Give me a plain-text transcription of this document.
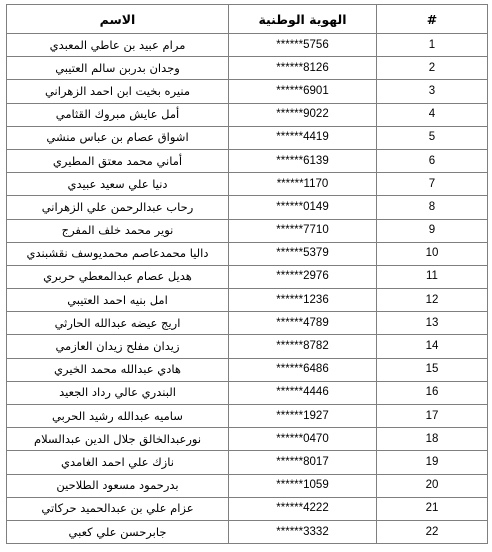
الاسم	الهوية الوطنية	#
مرام عبيد بن عاطي المعبدي	******5756	1
وجدان بدربن سالم العتيبي	******8126	2
منيره بخيت ابن احمد الزهراني	******6901	3
أمل عايش مبروك القثامي	******9022	4
اشواق عصام بن عباس منشي	******4419	5
أماني محمد معتق المطيري	******6139	6
دنيا علي سعيد عبيدي	******1170	7
رحاب عبدالرحمن علي الزهراني	******0149	8
نوير محمد خلف المفرج	******7710	9
داليا محمدعاصم محمديوسف نقشبندي	******5379	10
هديل عصام عبدالمعطي حربري	******2976	11
امل بنيه احمد العتيبي	******1236	12
اريج عيضه عبدالله الحارثي	******4789	13
زيدان مفلح زيدان العازمي	******8782	14
هادي عبدالله محمد الخيري	******6486	15
البندري عالي رداد الجعيد	******4446	16
ساميه عبدالله رشيد الحربي	******1927	17
نورعبدالخالق جلال الدين عبدالسلام	******0470	18
نازك علي احمد الغامدي	******8017	19
بدرحمود مسعود الطلاحين	******1059	20
عزام علي بن عبدالحميد حركاتي	******4222	21
جابرحسن علي كعبي	******3332	22
